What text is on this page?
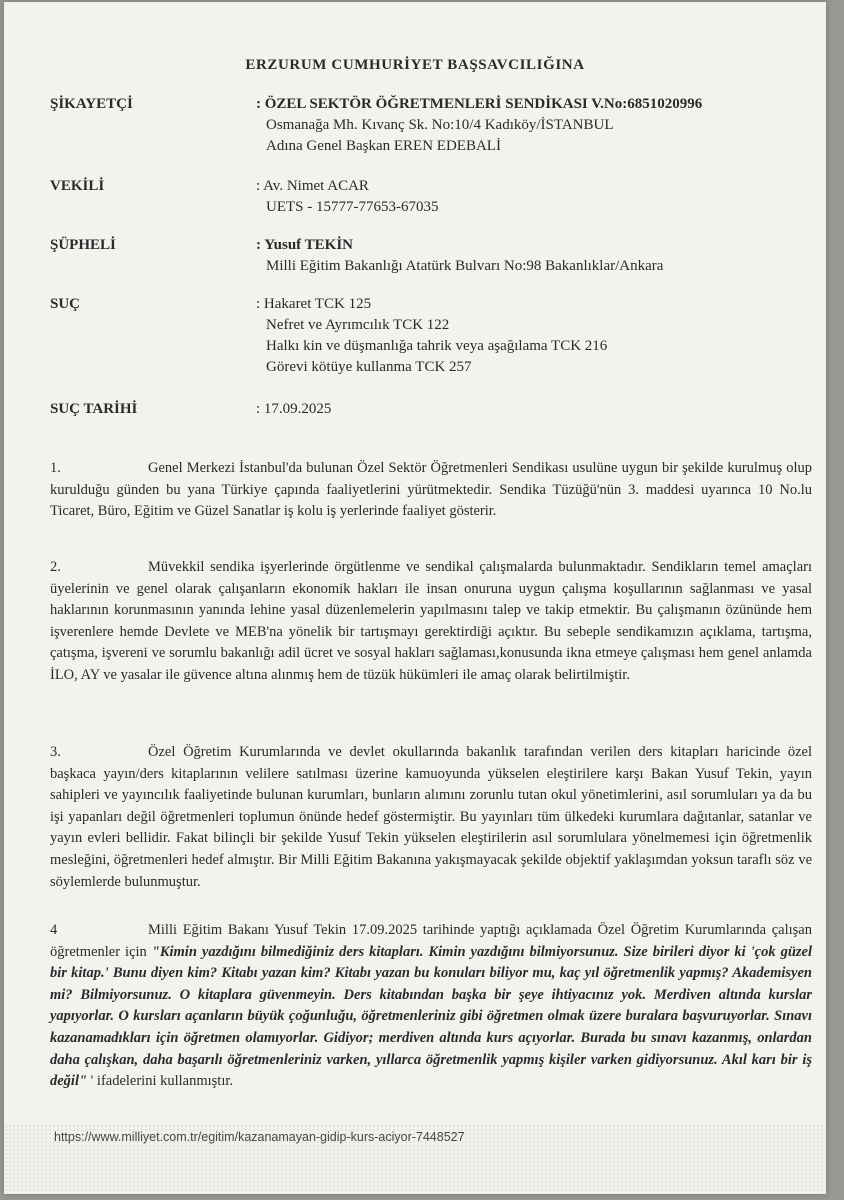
ERZURUM CUMHURİYET BAŞSAVCILIĞINA
ŞİKAYETÇİ	: ÖZEL SEKTÖR ÖĞRETMENLERİ SENDİKASI V.No:6851020996
Osmanağa Mh. Kıvanç Sk. No:10/4 Kadıköy/İSTANBUL
Adına Genel Başkan EREN EDEBALİ
VEKİLİ	: Av. Nimet ACAR
UETS - 15777-77653-67035
ŞÜPHELİ	: Yusuf TEKİN
Milli Eğitim Bakanlığı Atatürk Bulvarı No:98 Bakanlıklar/Ankara
SUÇ	: Hakaret TCK 125
Nefret ve Ayrımcılık TCK 122
Halkı kin ve düşmanlığa tahrik veya aşağılama TCK 216
Görevi kötüye kullanma TCK 257
SUÇ TARİHİ	: 17.09.2025

1.	Genel Merkezi İstanbul'da bulunan Özel Sektör Öğretmenleri Sendikası usulüne uygun bir şekilde kurulmuş olup kurulduğu günden bu yana Türkiye çapında faaliyetlerini yürütmektedir. Sendika Tüzüğü'nün 3. maddesi uyarınca 10 No.lu Ticaret, Büro, Eğitim ve Güzel Sanatlar iş kolu iş yerlerinde faaliyet gösterir.

2.	Müvekkil sendika işyerlerinde örgütlenme ve sendikal çalışmalarda bulunmaktadır. Sendikların temel amaçları üyelerinin ve genel olarak çalışanların ekonomik hakları ile insan onuruna uygun çalışma koşullarının sağlanması ve yasal haklarının korunmasının yanında lehine yasal düzenlemelerin yapılmasını talep ve takip etmektir. Bu çalışmanın özününde hem işverenlere hemde Devlete ve MEB'na yönelik bir tartışmayı gerektirdiği açıktır. Bu sebeple sendikamızın açıklama, tartışma, çatışma, işvereni ve sorumlu bakanlığı adil ücret ve sosyal hakları sağlaması,konusunda ikna etmeye çalışması hem genel anlamda İLO, AY ve yasalar ile güvence altına alınmış hem de tüzük hükümleri ile amaç olarak belirtilmiştir.

3.	Özel Öğretim Kurumlarında ve devlet okullarında bakanlık tarafından verilen ders kitapları haricinde özel başkaca yayın/ders kitaplarının velilere satılması üzerine kamuoyunda yükselen eleştirilere karşı Bakan Yusuf Tekin, yayın sahipleri ve yayıncılık faaliyetinde bulunan kurumları, bunların alımını zorunlu tutan okul yönetimlerini, asıl sorumluları ya da bu işi yapanları değil öğretmenleri toplumun önünde hedef göstermiştir. Bu yayınları tüm ülkedeki kurumlara dağıtanlar, satanlar ve yayın evleri bellidir. Fakat bilinçli bir şekilde Yusuf Tekin yükselen eleştirilerin asıl sorumlulara yönelmemesi için öğretmenlik mesleğini, öğretmenleri hedef almıştır. Bir Milli Eğitim Bakanına yakışmayacak şekilde objektif yaklaşımdan yoksun taraflı söz ve söylemlerde bulunmuştur.

4	Milli Eğitim Bakanı Yusuf Tekin 17.09.2025 tarihinde yaptığı açıklamada Özel Öğretim Kurumlarında çalışan öğretmenler için "Kimin yazdığını bilmediğiniz ders kitapları. Kimin yazdığını bilmiyorsunuz. Size birileri diyor ki 'çok güzel bir kitap.' Bunu diyen kim? Kitabı yazan kim? Kitabı yazan bu konuları biliyor mu, kaç yıl öğretmenlik yapmış? Akademisyen mi? Bilmiyorsunuz. O kitaplara güvenmeyin. Ders kitabından başka bir şeye ihtiyacınız yok. Merdiven altında kurslar yapıyorlar. O kursları açanların büyük çoğunluğu, öğretmenleriniz gibi öğretmen olmak üzere buralara başvuruyorlar. Sınavı kazanamadıkları için öğretmen olamıyorlar. Gidiyor; merdiven altında kurs açıyorlar. Burada bu sınavı kazanmış, onlardan daha çalışkan, daha başarılı öğretmenleriniz varken, yıllarca öğretmenlik yapmış kişiler varken gidiyorsunuz. Akıl karı bir iş değil" ' ifadelerini kullanmıştır.

https://www.milliyet.com.tr/egitim/kazanamayan-gidip-kurs-aciyor-7448527
